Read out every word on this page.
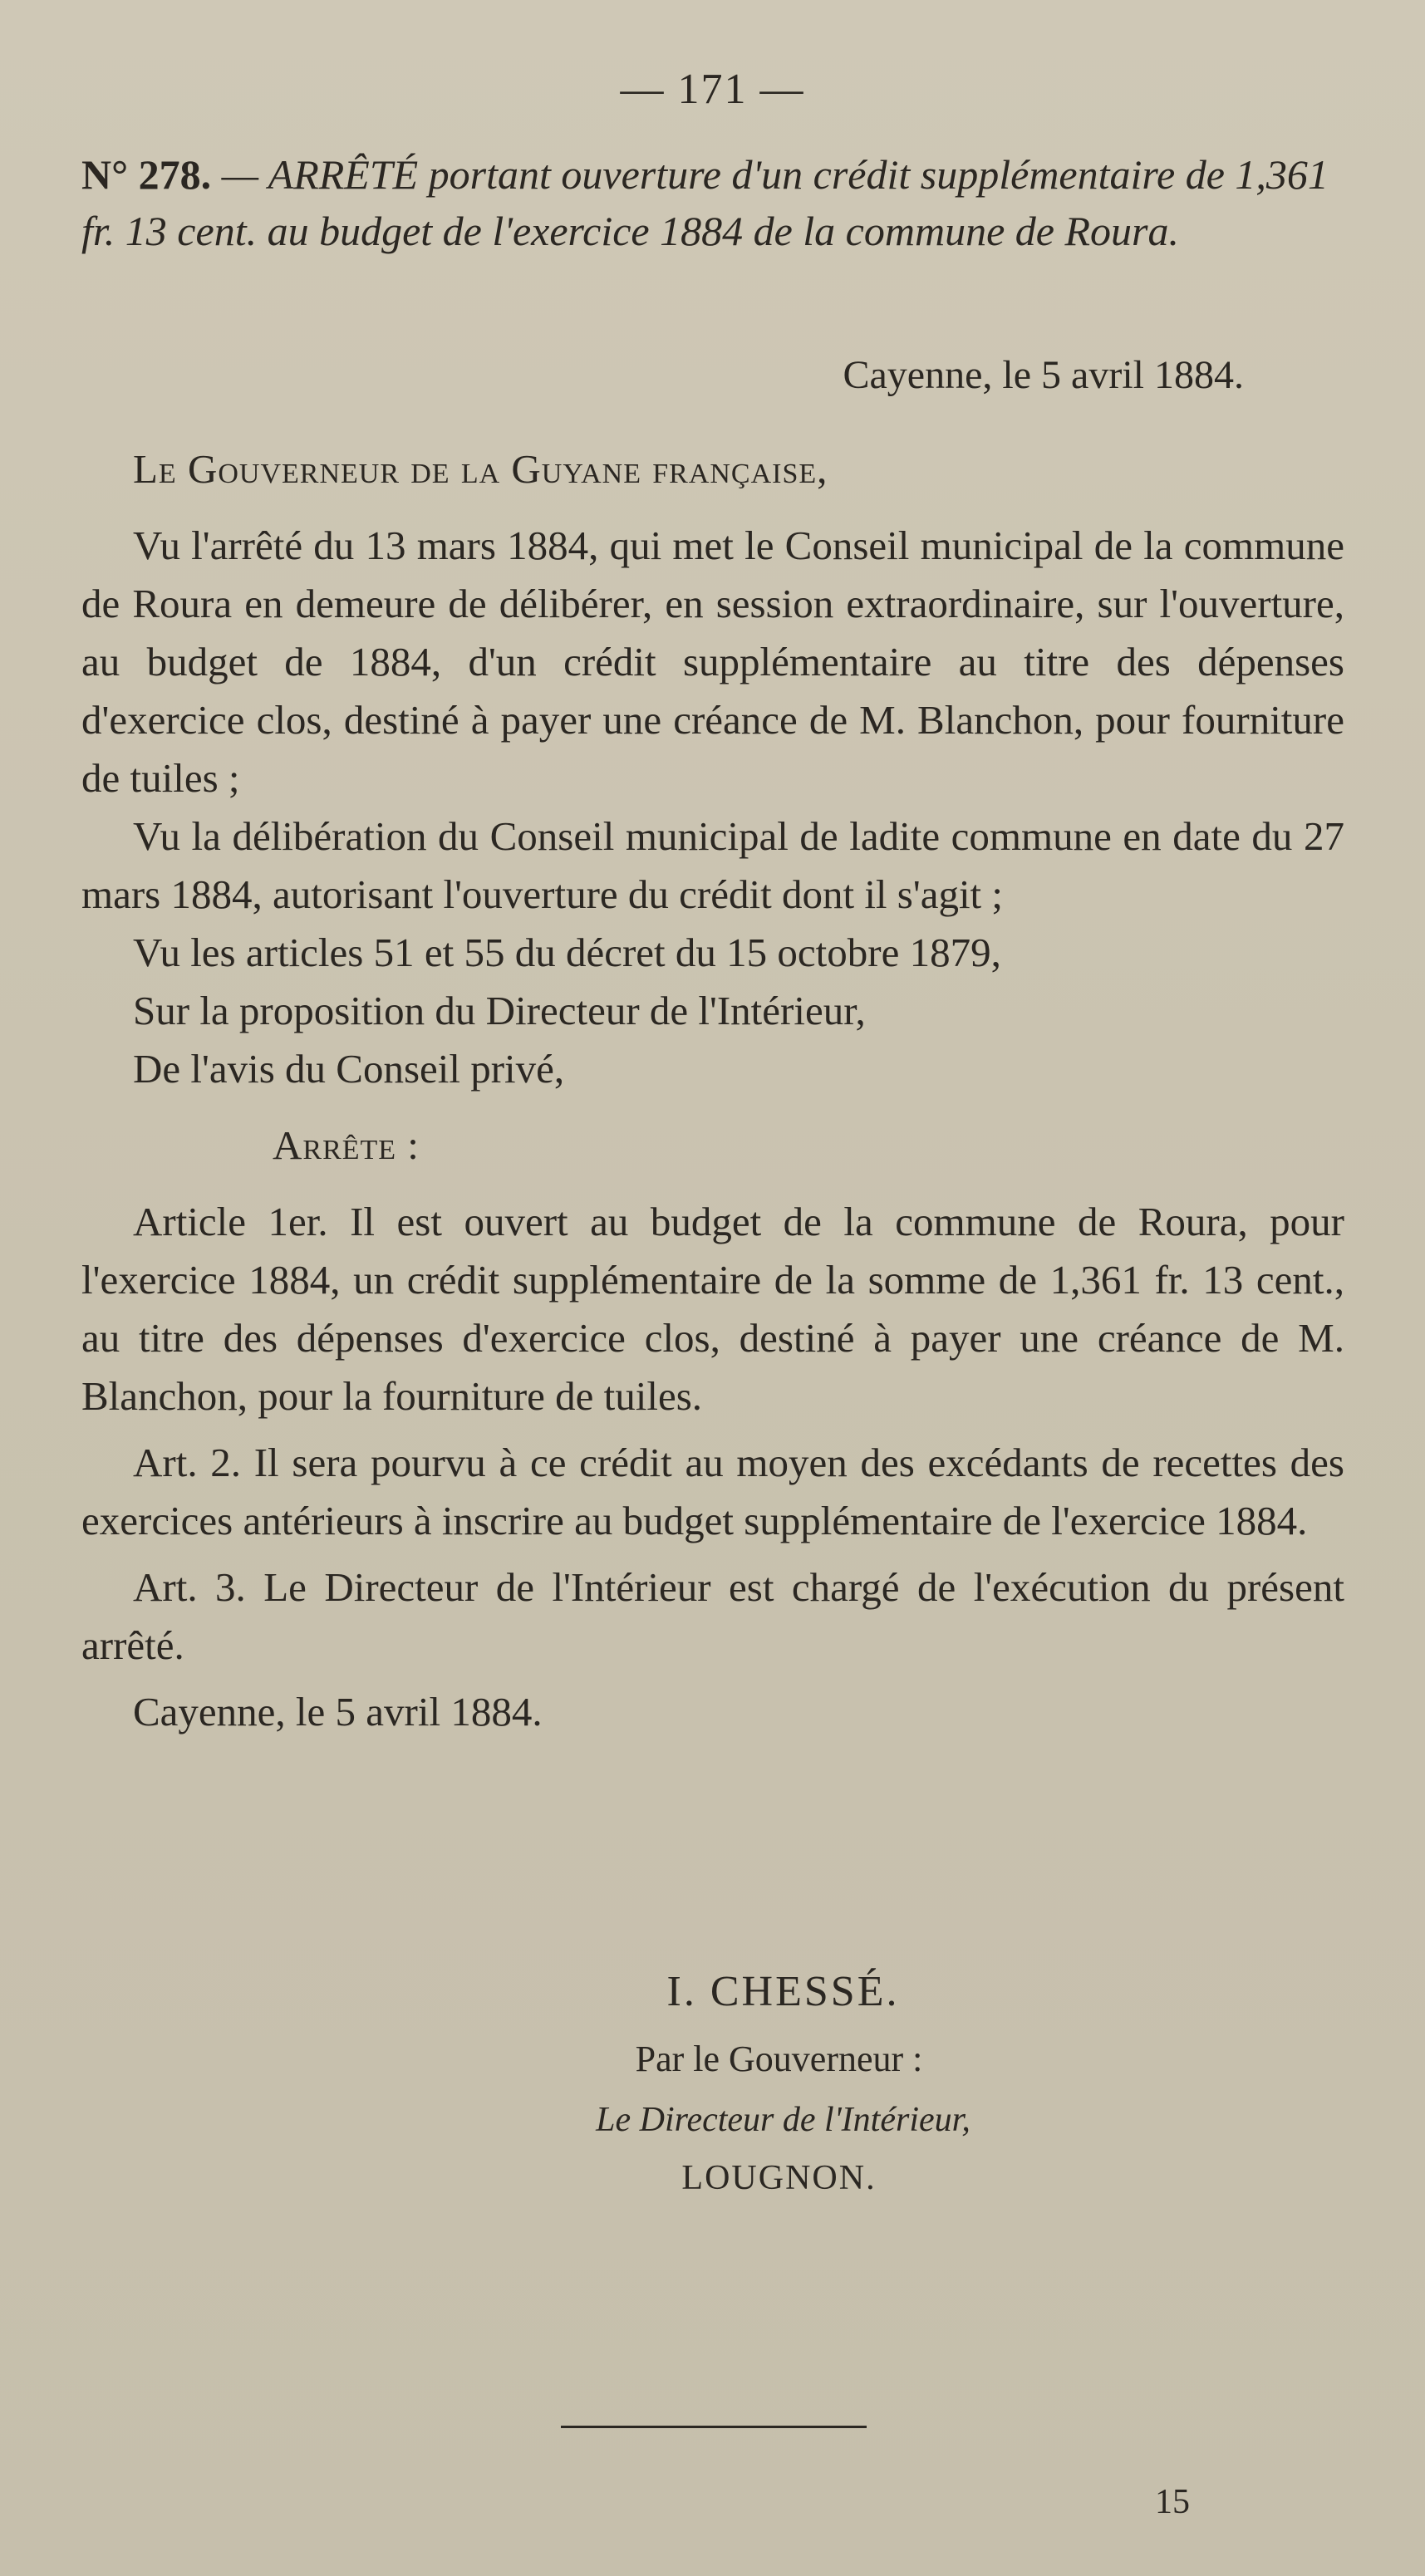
— 171 —
N° 278. — ARRÊTÉ portant ouverture d'un crédit supplémentaire de 1,361 fr. 13 cent. au budget de l'exercice 1884 de la commune de Roura.
Cayenne, le 5 avril 1884.

Le Gouverneur de la Guyane française,

Vu l'arrêté du 13 mars 1884, qui met le Conseil municipal de la commune de Roura en demeure de délibérer, en session extraordinaire, sur l'ouverture, au budget de 1884, d'un crédit supplémentaire au titre des dépenses d'exercice clos, destiné à payer une créance de M. Blanchon, pour fourniture de tuiles ;

Vu la délibération du Conseil municipal de ladite commune en date du 27 mars 1884, autorisant l'ouverture du crédit dont il s'agit ;

Vu les articles 51 et 55 du décret du 15 octobre 1879,

Sur la proposition du Directeur de l'Intérieur,

De l'avis du Conseil privé,

Arrête :

Article 1er. Il est ouvert au budget de la commune de Roura, pour l'exercice 1884, un crédit supplémentaire de la somme de 1,361 fr. 13 cent., au titre des dépenses d'exercice clos, destiné à payer une créance de M. Blanchon, pour la fourniture de tuiles.

Art. 2. Il sera pourvu à ce crédit au moyen des excédants de recettes des exercices antérieurs à inscrire au budget supplémentaire de l'exercice 1884.

Art. 3. Le Directeur de l'Intérieur est chargé de l'exécution du présent arrêté.

Cayenne, le 5 avril 1884.

I. CHESSÉ.
Par le Gouverneur :
Le Directeur de l'Intérieur,
LOUGNON.
15
